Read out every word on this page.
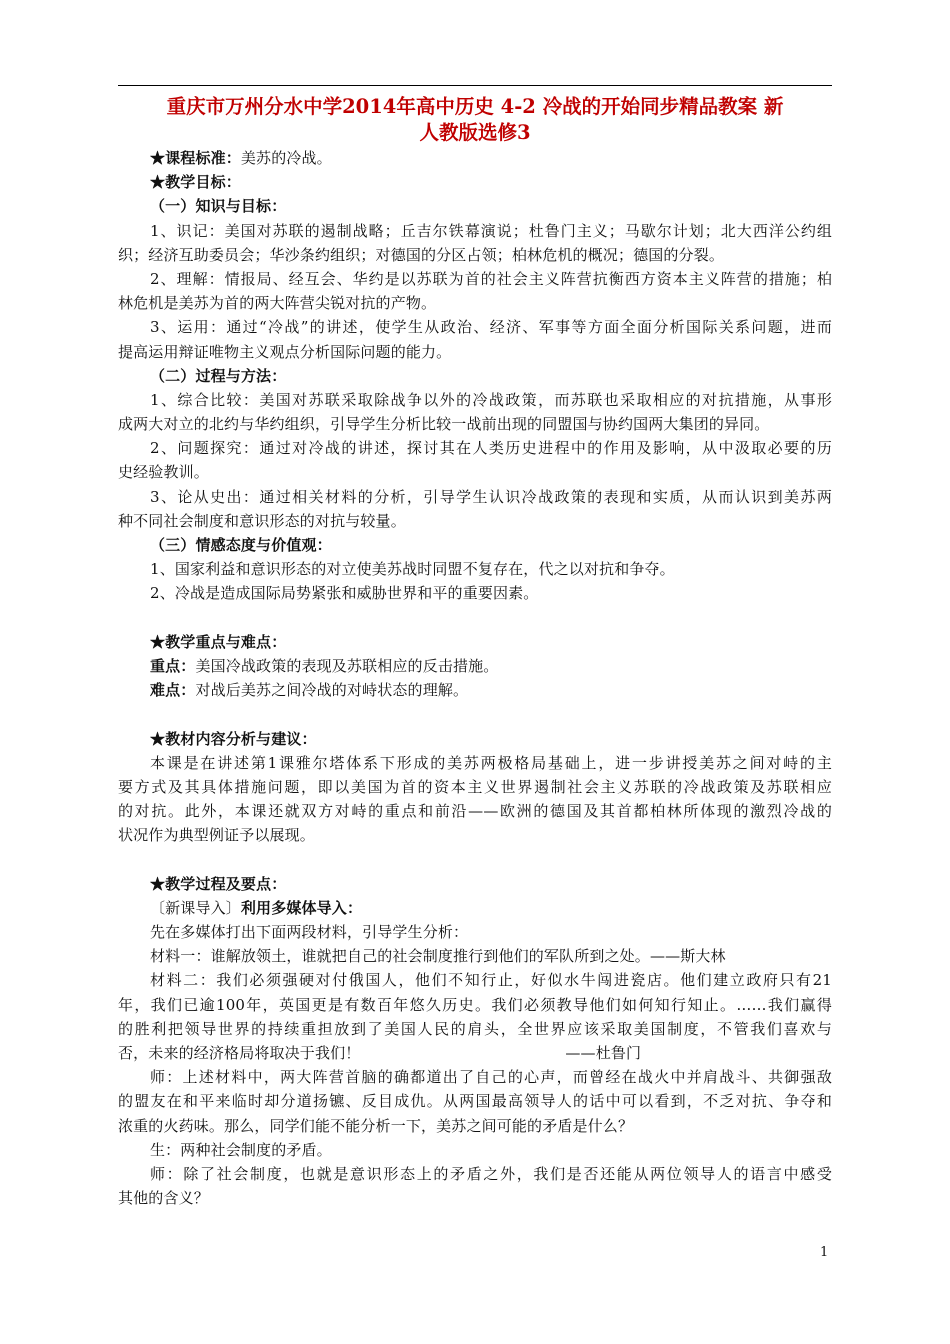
重庆市万州分水中学2014年高中历史 4-2 冷战的开始同步精品教案 新
人教版选修3
★课程标准：美苏的冷战。
★教学目标：
（一）知识与目标：
1、识记：美国对苏联的遏制战略；丘吉尔铁幕演说；杜鲁门主义；马歇尔计划；北大西洋公约组
织；经济互助委员会；华沙条约组织；对德国的分区占领；柏林危机的概况；德国的分裂。
2、理解：情报局、经互会、华约是以苏联为首的社会主义阵营抗衡西方资本主义阵营的措施；柏
林危机是美苏为首的两大阵营尖锐对抗的产物。
3、运用：通过“冷战”的讲述，使学生从政治、经济、军事等方面全面分析国际关系问题，进而
提高运用辩证唯物主义观点分析国际问题的能力。
（二）过程与方法：
1、综合比较：美国对苏联采取除战争以外的冷战政策，而苏联也采取相应的对抗措施，从事形
成两大对立的北约与华约组织，引导学生分析比较一战前出现的同盟国与协约国两大集团的异同。
2、问题探究：通过对冷战的讲述，探讨其在人类历史进程中的作用及影响，从中汲取必要的历
史经验教训。
3、论从史出：通过相关材料的分析，引导学生认识冷战政策的表现和实质，从而认识到美苏两
种不同社会制度和意识形态的对抗与较量。
（三）情感态度与价值观：
1、国家利益和意识形态的对立使美苏战时同盟不复存在，代之以对抗和争夺。
2、冷战是造成国际局势紧张和威胁世界和平的重要因素。
★教学重点与难点：
重点：美国冷战政策的表现及苏联相应的反击措施。
难点：对战后美苏之间冷战的对峙状态的理解。
★教材内容分析与建议：
本课是在讲述第1课雅尔塔体系下形成的美苏两极格局基础上，进一步讲授美苏之间对峙的主
要方式及其具体措施问题，即以美国为首的资本主义世界遏制社会主义苏联的冷战政策及苏联相应
的对抗。此外，本课还就双方对峙的重点和前沿——欧洲的德国及其首都柏林所体现的激烈冷战的
状况作为典型例证予以展现。
★教学过程及要点：
〔新课导入〕利用多媒体导入：
先在多媒体打出下面两段材料，引导学生分析：
材料一：谁解放领土，谁就把自己的社会制度推行到他们的军队所到之处。——斯大林
材料二：我们必须强硬对付俄国人，他们不知行止，好似水牛闯进瓷店。他们建立政府只有21
年，我们已逾100年，英国更是有数百年悠久历史。我们必须教导他们如何知行知止。……我们赢得
的胜利把领导世界的持续重担放到了美国人民的肩头，全世界应该采取美国制度，不管我们喜欢与
否，未来的经济格局将取决于我们！	——杜鲁门
师：上述材料中，两大阵营首脑的确都道出了自己的心声，而曾经在战火中并肩战斗、共御强敌
的盟友在和平来临时却分道扬镳、反目成仇。从两国最高领导人的话中可以看到，不乏对抗、争夺和
浓重的火药味。那么，同学们能不能分析一下，美苏之间可能的矛盾是什么？
生：两种社会制度的矛盾。
师：除了社会制度，也就是意识形态上的矛盾之外，我们是否还能从两位领导人的语言中感受
其他的含义？
1
